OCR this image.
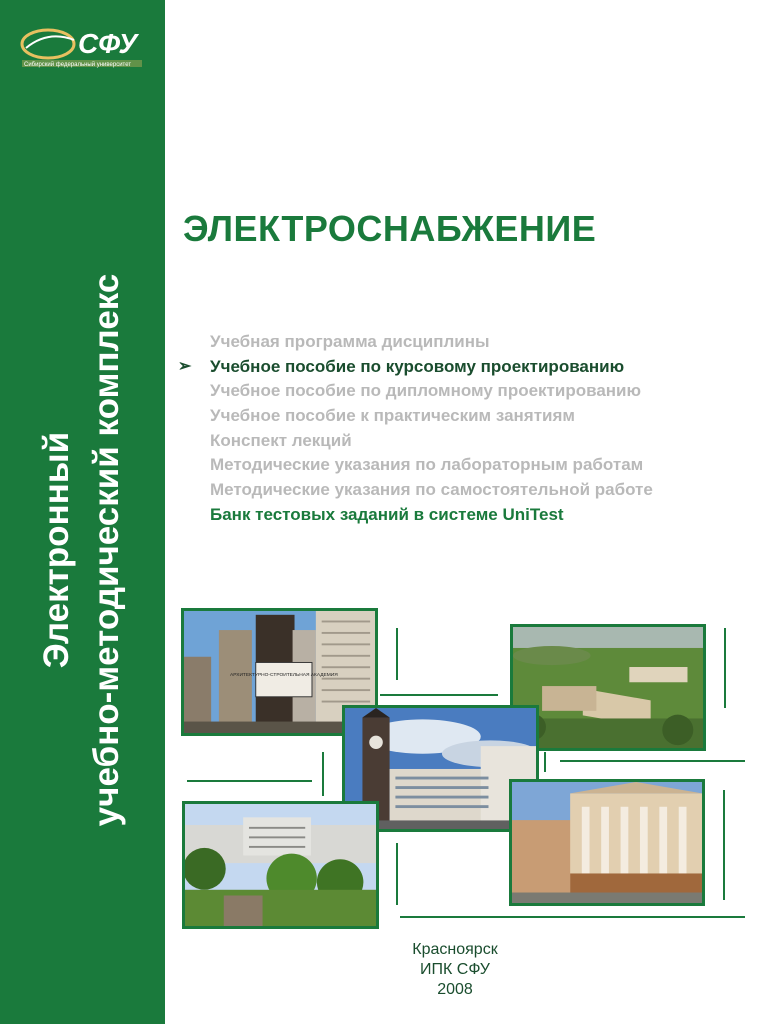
СФУ
Сибирский федеральный университет
Электронный учебно-методический комплекс
ЭЛЕКТРОСНАБЖЕНИЕ
Учебная программа дисциплины
➢ Учебное пособие по курсовому проектированию
Учебное пособие по дипломному проектированию
Учебное пособие к практическим занятиям
Конспект лекций
Методические указания по лабораторным работам
Методические указания по самостоятельной работе
Банк тестовых заданий в системе UniTest
АРХИТЕКТУРНО-СТРОИТЕЛЬНАЯ АКАДЕМИЯ
Красноярск
ИПК СФУ
2008
